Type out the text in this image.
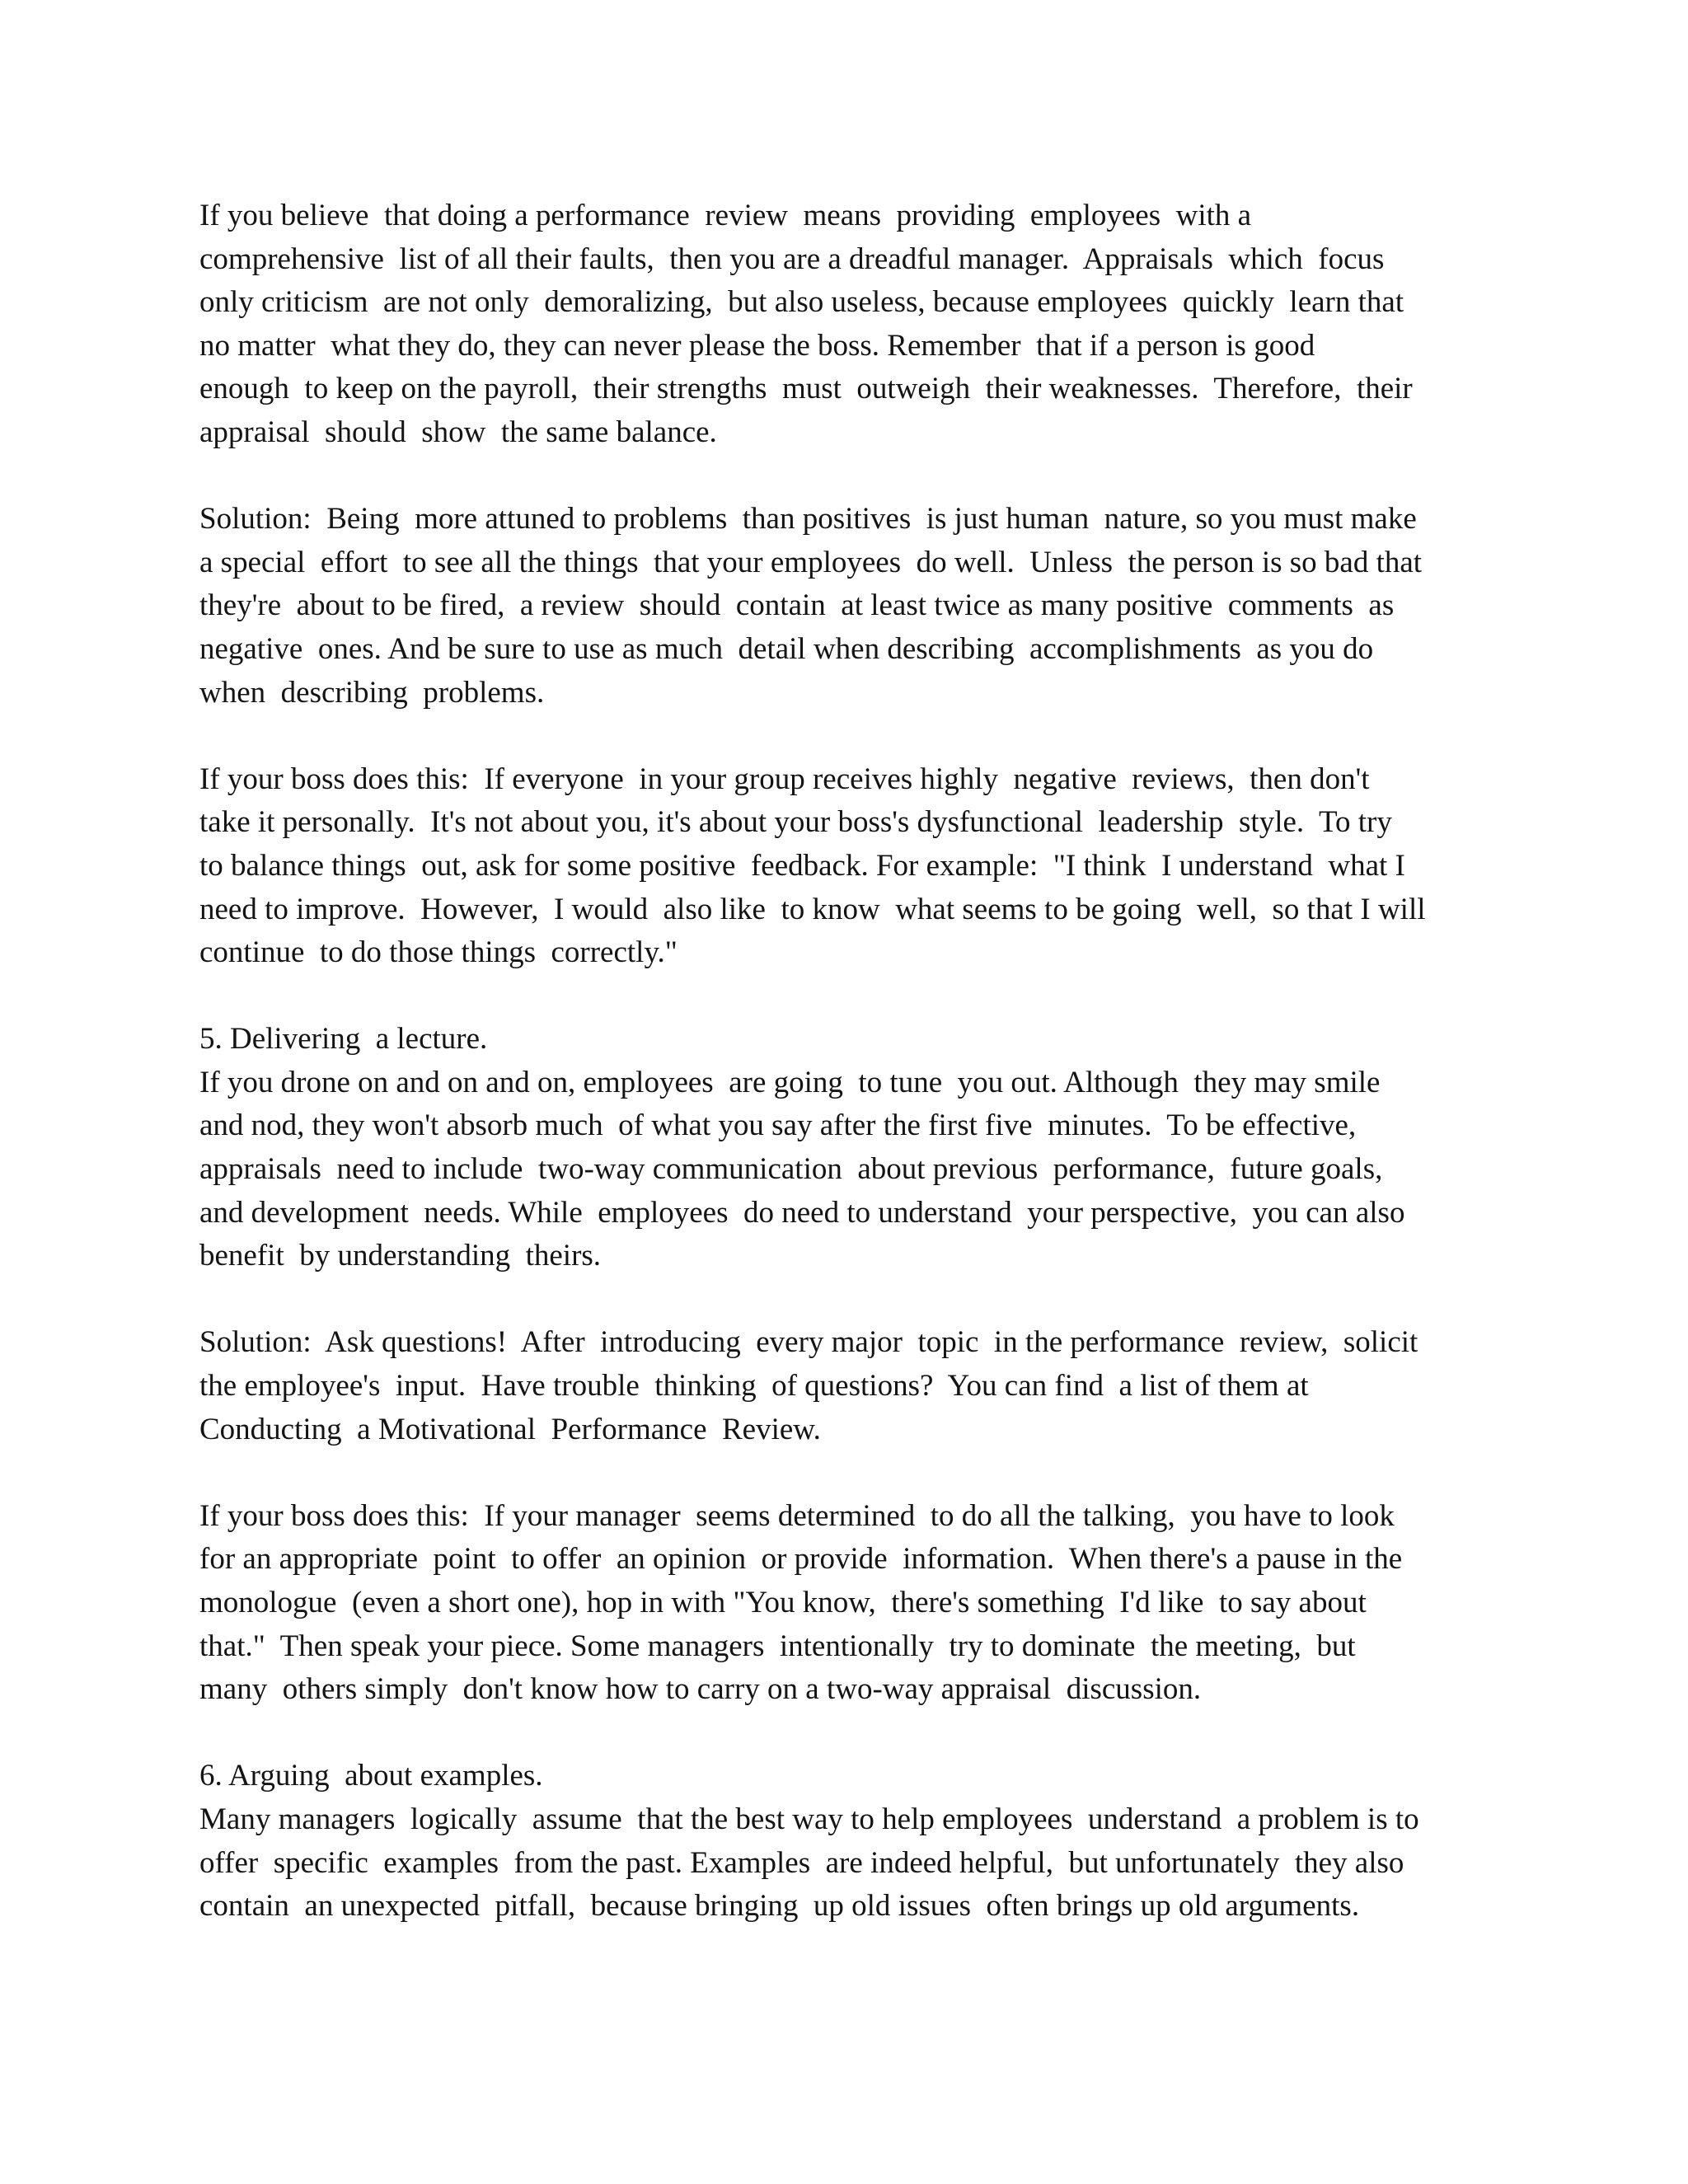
If you believe  that doing a performance  review  means  providing  employees  with a
comprehensive  list of all their faults,  then you are a dreadful manager.  Appraisals  which  focus
only criticism  are not only  demoralizing,  but also useless, because employees  quickly  learn that
no matter  what they do, they can never please the boss. Remember  that if a person is good
enough  to keep on the payroll,  their strengths  must  outweigh  their weaknesses.  Therefore,  their
appraisal  should  show  the same balance.

Solution:  Being  more attuned to problems  than positives  is just human  nature, so you must make
a special  effort  to see all the things  that your employees  do well.  Unless  the person is so bad that
they're  about to be fired,  a review  should  contain  at least twice as many positive  comments  as
negative  ones. And be sure to use as much  detail when describing  accomplishments  as you do
when  describing  problems.

If your boss does this:  If everyone  in your group receives highly  negative  reviews,  then don't
take it personally.  It's not about you, it's about your boss's dysfunctional  leadership  style.  To try
to balance things  out, ask for some positive  feedback. For example:  "I think  I understand  what I
need to improve.  However,  I would  also like  to know  what seems to be going  well,  so that I will
continue  to do those things  correctly."

5. Delivering  a lecture.
If you drone on and on and on, employees  are going  to tune  you out. Although  they may smile
and nod, they won't absorb much  of what you say after the first five  minutes.  To be effective,
appraisals  need to include  two-way communication  about previous  performance,  future goals,
and development  needs. While  employees  do need to understand  your perspective,  you can also
benefit  by understanding  theirs.

Solution:  Ask questions!  After  introducing  every major  topic  in the performance  review,  solicit
the employee's  input.  Have trouble  thinking  of questions?  You can find  a list of them at
Conducting  a Motivational  Performance  Review.

If your boss does this:  If your manager  seems determined  to do all the talking,  you have to look
for an appropriate  point  to offer  an opinion  or provide  information.  When there's a pause in the
monologue  (even a short one), hop in with "You know,  there's something  I'd like  to say about
that."  Then speak your piece. Some managers  intentionally  try to dominate  the meeting,  but
many  others simply  don't know how to carry on a two-way appraisal  discussion.

6. Arguing  about examples.
Many managers  logically  assume  that the best way to help employees  understand  a problem is to
offer  specific  examples  from the past. Examples  are indeed helpful,  but unfortunately  they also
contain  an unexpected  pitfall,  because bringing  up old issues  often brings up old arguments.
